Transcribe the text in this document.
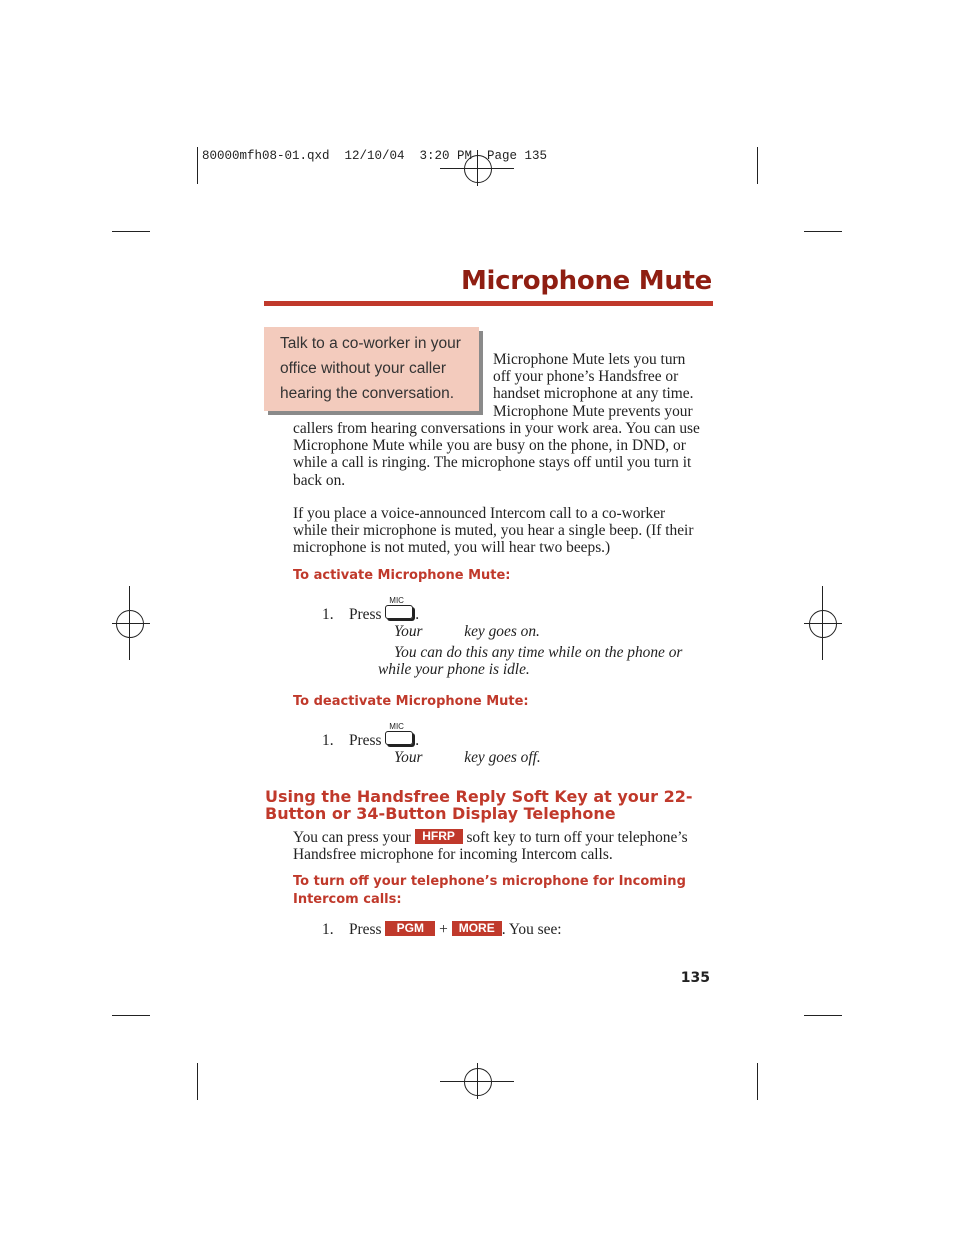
80000mfh08-01.qxd  12/10/04  3:20 PM  Page 135
Microphone Mute
Talk to a co-worker in your
office without your caller
hearing the conversation.
Microphone Mute lets you turn
off your phone’s Handsfree or
handset microphone at any time.
Microphone Mute prevents your
callers from hearing conversations in your work area. You can use
Microphone Mute while you are busy on the phone, in DND, or
while a call is ringing. The microphone stays off until you turn it
back on.
If you place a voice-announced Intercom call to a co-worker
while their microphone is muted, you hear a single beep. (If their
microphone is not muted, you will hear two beeps.)
To activate Microphone Mute:
1. Press
MIC
.
Your	key goes on.
You can do this any time while on the phone or
while your phone is idle.
To deactivate Microphone Mute:
1. Press
MIC
.
Your	key goes off.
Using the Handsfree Reply Soft Key at your 22-
Button or 34-Button Display Telephone
You can press your HFRP soft key to turn off your telephone’s
Handsfree microphone for incoming Intercom calls.
To turn off your telephone’s microphone for Incoming
Intercom calls:
1. Press PGM + MORE . You see:
135
